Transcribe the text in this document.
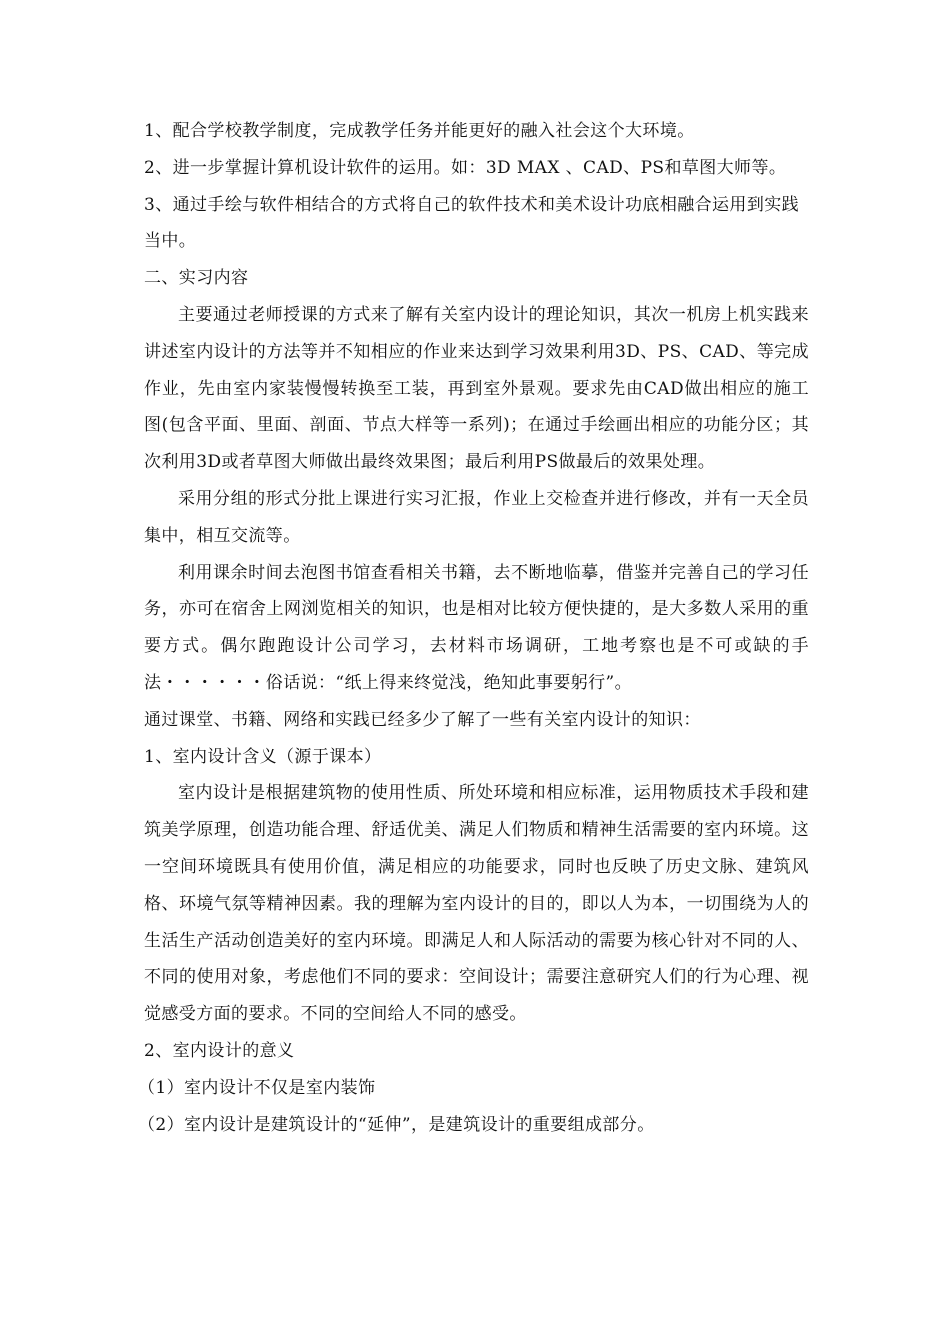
1、配合学校教学制度，完成教学任务并能更好的融入社会这个大环境。

2、进一步掌握计算机设计软件的运用。如：3D MAX 、CAD、PS和草图大师等。

3、通过手绘与软件相结合的方式将自己的软件技术和美术设计功底相融合运用到实践当中。

二、实习内容

主要通过老师授课的方式来了解有关室内设计的理论知识，其次一机房上机实践来讲述室内设计的方法等并不知相应的作业来达到学习效果利用3D、PS、CAD、等完成作业，先由室内家装慢慢转换至工装，再到室外景观。要求先由CAD做出相应的施工图(包含平面、里面、剖面、节点大样等一系列)；在通过手绘画出相应的功能分区；其次利用3D或者草图大师做出最终效果图；最后利用PS做最后的效果处理。

采用分组的形式分批上课进行实习汇报，作业上交检查并进行修改，并有一天全员集中，相互交流等。

利用课余时间去泡图书馆查看相关书籍，去不断地临摹，借鉴并完善自己的学习任务，亦可在宿舍上网浏览相关的知识，也是相对比较方便快捷的，是大多数人采用的重要方式。偶尔跑跑设计公司学习，去材料市场调研，工地考察也是不可或缺的手法・・・・・・俗话说：“纸上得来终觉浅，绝知此事要躬行”。

通过课堂、书籍、网络和实践已经多少了解了一些有关室内设计的知识：

1、室内设计含义（源于课本）

室内设计是根据建筑物的使用性质、所处环境和相应标准，运用物质技术手段和建筑美学原理，创造功能合理、舒适优美、满足人们物质和精神生活需要的室内环境。这一空间环境既具有使用价值，满足相应的功能要求，同时也反映了历史文脉、建筑风格、环境气氛等精神因素。我的理解为室内设计的目的，即以人为本，一切围绕为人的生活生产活动创造美好的室内环境。即满足人和人际活动的需要为核心针对不同的人、不同的使用对象，考虑他们不同的要求：空间设计；需要注意研究人们的行为心理、视觉感受方面的要求。不同的空间给人不同的感受。

2、室内设计的意义

（1）室内设计不仅是室内装饰

（2）室内设计是建筑设计的“延伸”，是建筑设计的重要组成部分。
